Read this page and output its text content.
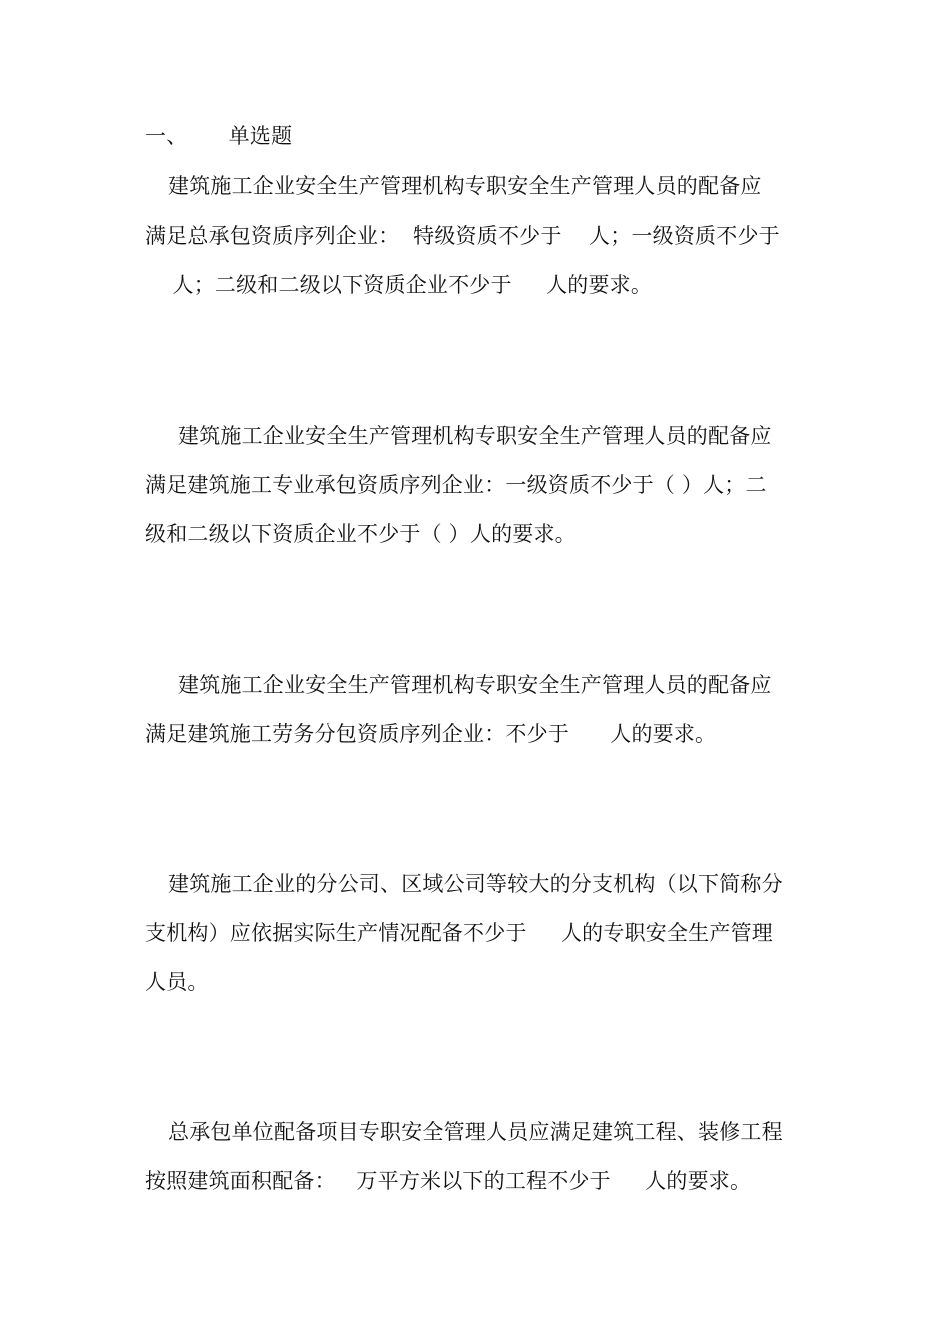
一、 单选题
建筑施工企业安全生产管理机构专职安全生产管理人员的配备应
满足总承包资质序列企业：  特级资质不少于    人；一级资质不少于
人；二级和二级以下资质企业不少于     人的要求。
建筑施工企业安全生产管理机构专职安全生产管理人员的配备应
满足建筑施工专业承包资质序列企业：一级资质不少于（ ）人；二
级和二级以下资质企业不少于（ ）人的要求。
建筑施工企业安全生产管理机构专职安全生产管理人员的配备应
满足建筑施工劳务分包资质序列企业：不少于      人的要求。
建筑施工企业的分公司、区域公司等较大的分支机构（以下简称分
支机构）应依据实际生产情况配备不少于     人的专职安全生产管理
人员。
总承包单位配备项目专职安全管理人员应满足建筑工程、装修工程
按照建筑面积配备：   万平方米以下的工程不少于     人的要求。
